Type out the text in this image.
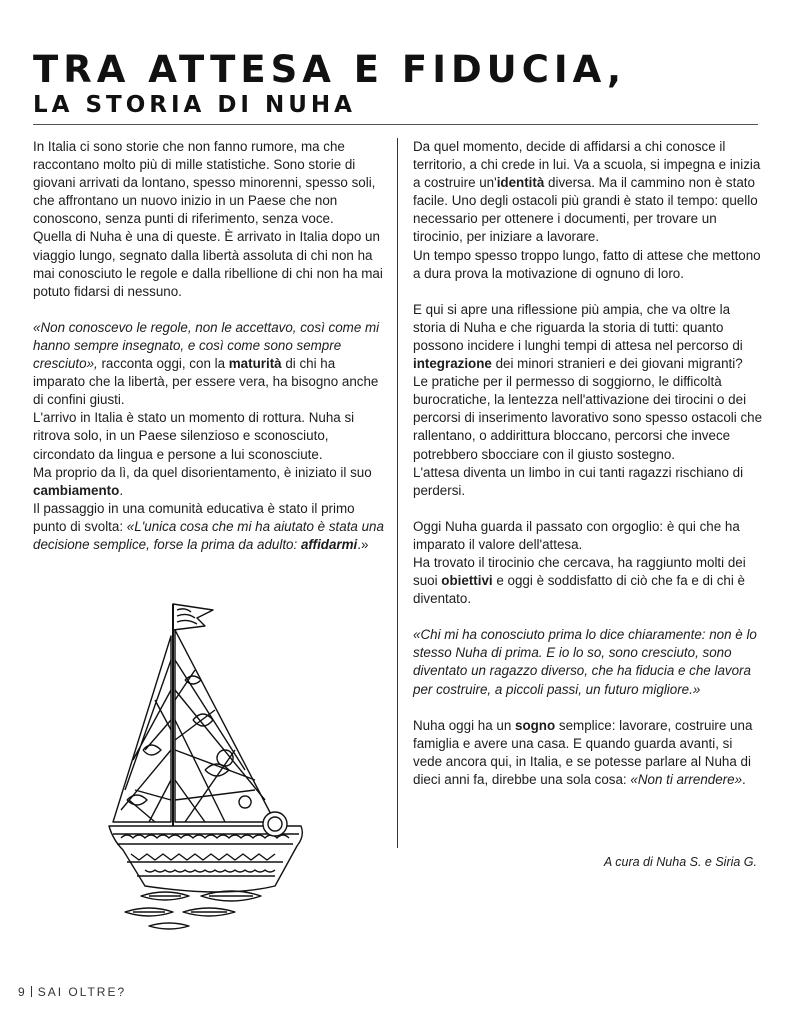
TRA ATTESA E FIDUCIA,
LA STORIA DI NUHA

In Italia ci sono storie che non fanno rumore, ma che raccontano molto più di mille statistiche. Sono storie di giovani arrivati da lontano, spesso minorenni, spesso soli, che affrontano un nuovo inizio in un Paese che non conoscono, senza punti di riferimento, senza voce.

Quella di Nuha è una di queste. È arrivato in Italia dopo un viaggio lungo, segnato dalla libertà assoluta di chi non ha mai conosciuto le regole e dalla ribellione di chi non ha mai potuto fidarsi di nessuno.

«Non conoscevo le regole, non le accettavo, così come mi hanno sempre insegnato, e così come sono sempre cresciuto», racconta oggi, con la maturità di chi ha imparato che la libertà, per essere vera, ha bisogno anche di confini giusti.

L'arrivo in Italia è stato un momento di rottura. Nuha si ritrova solo, in un Paese silenzioso e sconosciuto, circondato da lingua e persone a lui sconosciute.

Ma proprio da lì, da quel disorientamento, è iniziato il suo cambiamento.

Il passaggio in una comunità educativa è stato il primo punto di svolta: «L'unica cosa che mi ha aiutato è stata una decisione semplice, forse la prima da adulto: affidarmi.»

Da quel momento, decide di affidarsi a chi conosce il territorio, a chi crede in lui. Va a scuola, si impegna e inizia a costruire un'identità diversa. Ma il cammino non è stato facile. Uno degli ostacoli più grandi è stato il tempo: quello necessario per ottenere i documenti, per trovare un tirocinio, per iniziare a lavorare.

Un tempo spesso troppo lungo, fatto di attese che mettono a dura prova la motivazione di ognuno di loro.

E qui si apre una riflessione più ampia, che va oltre la storia di Nuha e che riguarda la storia di tutti: quanto possono incidere i lunghi tempi di attesa nel percorso di integrazione dei minori stranieri e dei giovani migranti?

Le pratiche per il permesso di soggiorno, le difficoltà burocratiche, la lentezza nell'attivazione dei tirocini o dei percorsi di inserimento lavorativo sono spesso ostacoli che rallentano, o addirittura bloccano, percorsi che invece potrebbero sbocciare con il giusto sostegno.

L'attesa diventa un limbo in cui tanti ragazzi rischiano di perdersi.

Oggi Nuha guarda il passato con orgoglio: è qui che ha imparato il valore dell'attesa.

Ha trovato il tirocinio che cercava, ha raggiunto molti dei suoi obiettivi e oggi è soddisfatto di ciò che fa e di chi è diventato.

«Chi mi ha conosciuto prima lo dice chiaramente: non è lo stesso Nuha di prima. E io lo so, sono cresciuto, sono diventato un ragazzo diverso, che ha fiducia e che lavora per costruire, a piccoli passi, un futuro migliore.»

Nuha oggi ha un sogno semplice: lavorare, costruire una famiglia e avere una casa. E quando guarda avanti, si vede ancora qui, in Italia, e se potesse parlare al Nuha di dieci anni fa, direbbe una sola cosa: «Non ti arrendere».

A cura di Nuha S. e Siria G.
9 SAI OLTRE?
